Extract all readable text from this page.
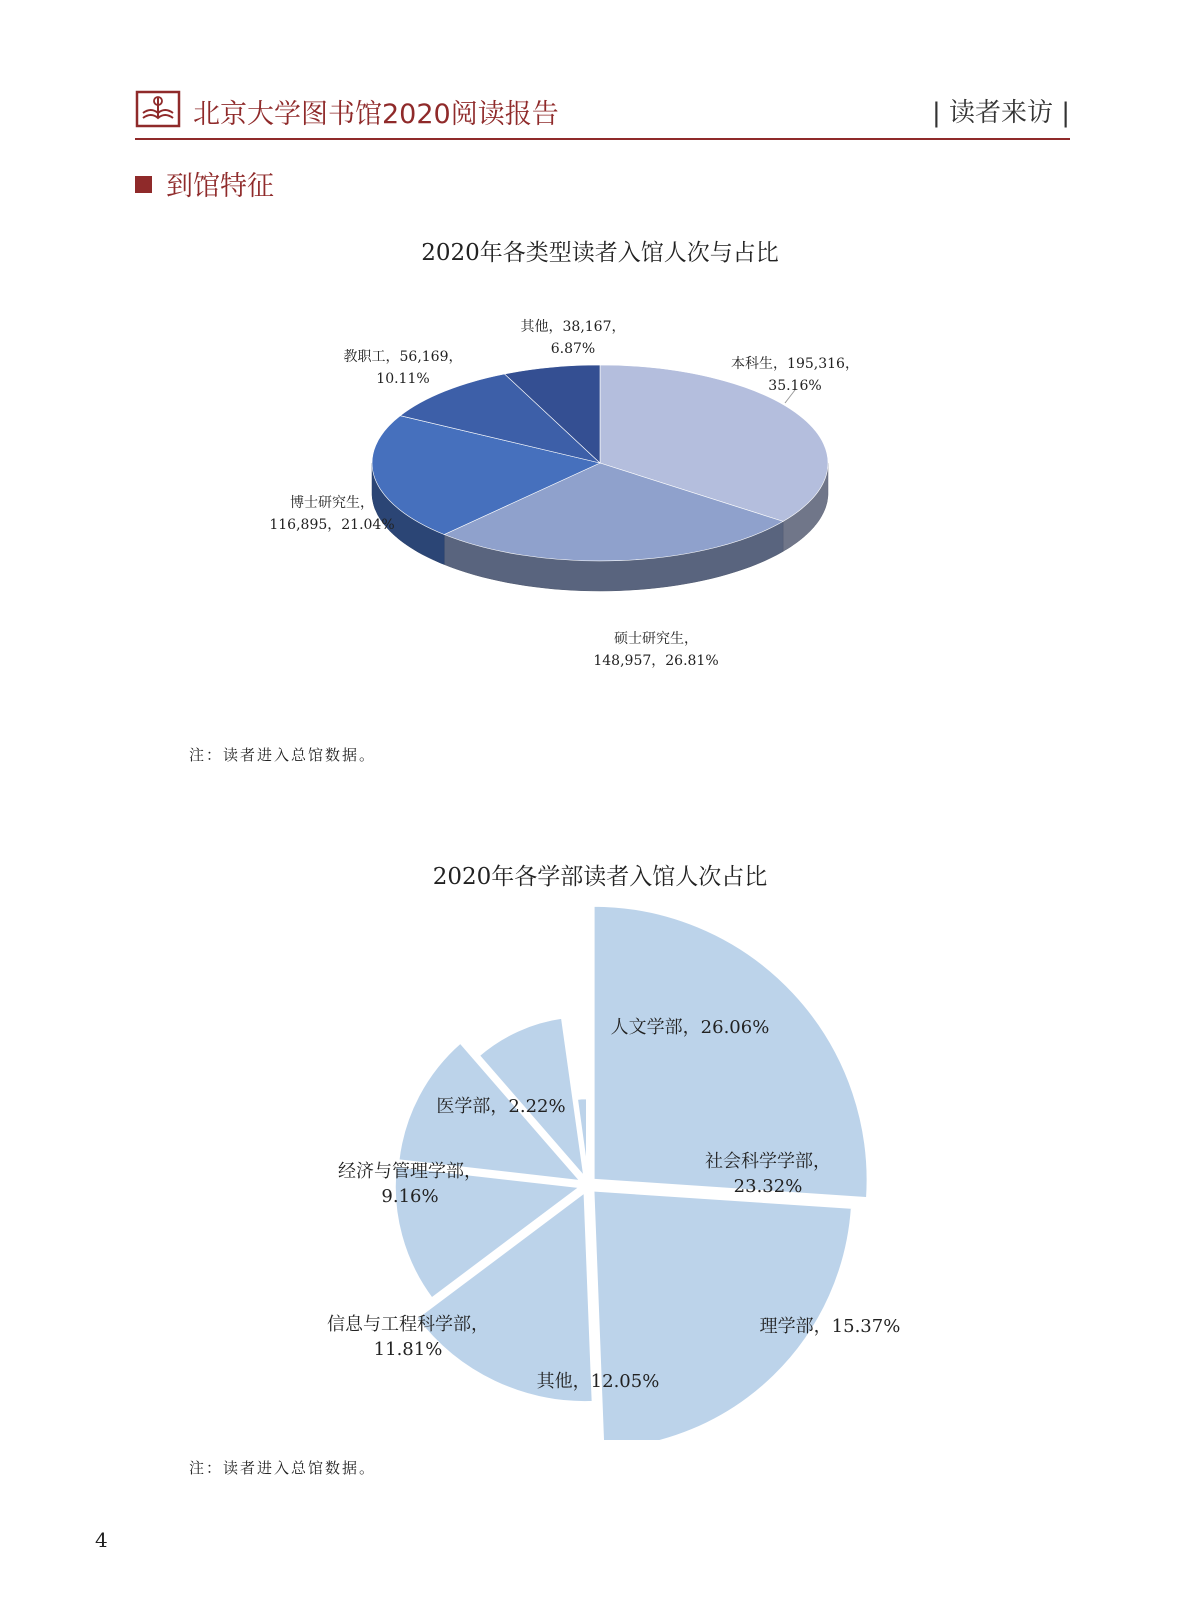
北京大学图书馆2020阅读报告	| 读者来访 |
到馆特征
2020年各类型读者入馆人次与占比
本科生，195,316， 35.16%
硕士研究生， 148,957，26.81%
博士研究生， 116,895，21.04%
教职工，56,169， 10.11%
其他，38,167， 6.87%
注：读者进入总馆数据。
2020年各学部读者入馆人次占比
人文学部，26.06%
社会科学学部， 23.32%
理学部，15.37%
其他，12.05%
信息与工程科学部， 11.81%
经济与管理学部， 9.16%
医学部，2.22%
注：读者进入总馆数据。
4
